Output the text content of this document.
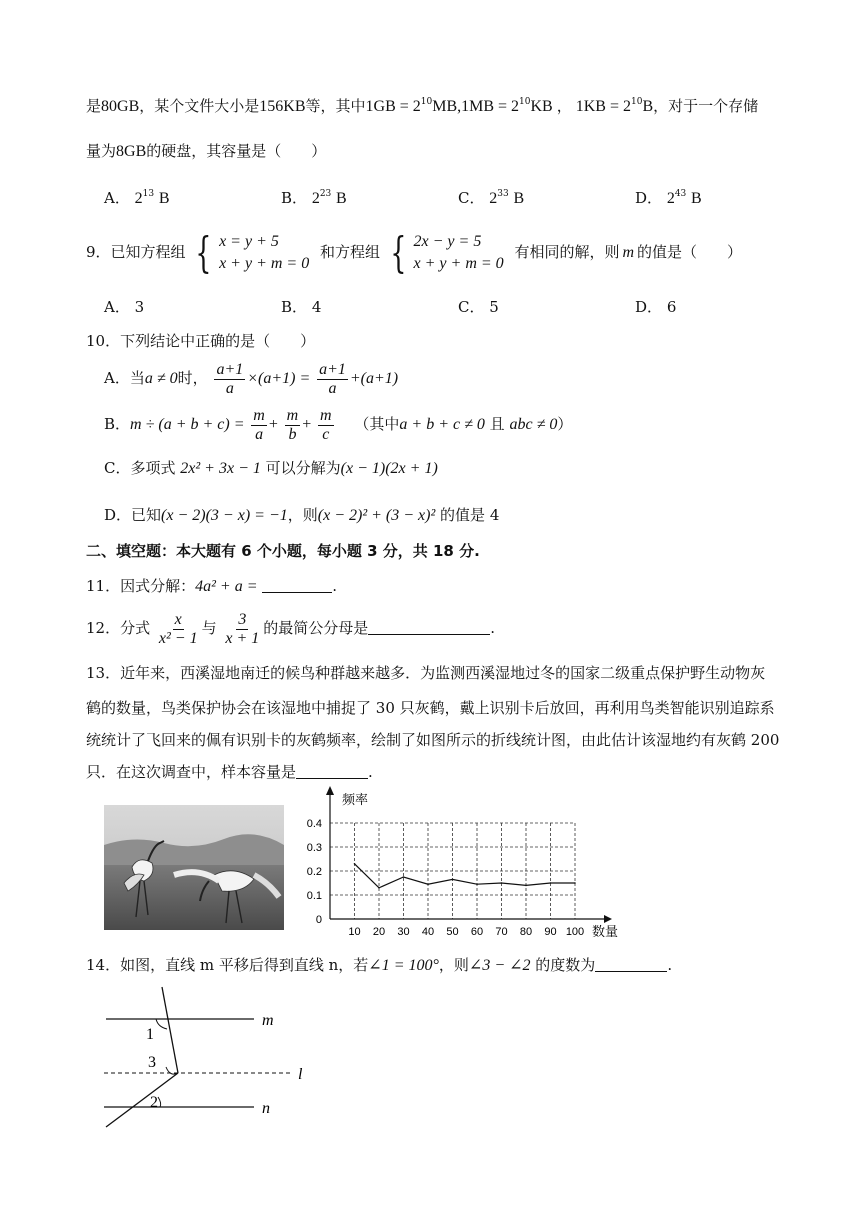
是80GB，某个文件大小是156KB等，其中$1GB = 2^{10}MB,1MB = 2^{10}KB$ ， $1KB = 2^{10}B$，对于一个存储
量为8GB的硬盘，其容量是（　　）
A． $2^{13}$ B	B． $2^{23}$ B	C． $2^{33}$ B	D． $2^{43}$ B
9．已知方程组 { x = y + 5
x + y + m = 0
和方程组 { 2x − y = 5
x + y + m = 0
有相同的解，则 m 的值是（　　）
A． 3	B． 4	C． 5	D． 6
10．下列结论中正确的是（　　）
A．当a ≠ 0时， $\frac{a+1}{a} \times(a+1) = \frac{a+1}{a} +(a+1)$
B．$m \div (a + b + c) = \frac{m}{a} + \frac{m}{b} + \frac{m}{c}$ （其中a + b + c ≠ 0 且 abc ≠ 0）
C．多项式 2x² + 3x − 1 可以分解为(x − 1)(2x + 1)
D．已知(x − 2)(3 − x) = −1，则(x − 2)² + (3 − x)² 的值是 4
二、填空题：本大题有 6 个小题，每小题 3 分，共 18 分.
11．因式分解：4a² + a =	.
12．分式 $\frac{x}{\text{x² − 1}}$ 与 $\frac{3}{x + 1}$ 的最简公分母是	.
13．近年来，西溪湿地南迁的候鸟种群越来越多．为监测西溪湿地过冬的国家二级重点保护野生动物灰
鹤的数量，鸟类保护协会在该湿地中捕捉了 30 只灰鹤，戴上识别卡后放回，再利用鸟类智能识别追踪系
统统计了飞回来的佩有识别卡的灰鹤频率，绘制了如图所示的折线统计图，由此估计该湿地约有灰鹤 200
只．在这次调查中，样本容量是	.
0
0.1
0.2
0.3
0.4
10 20 30 40 50 60 70 80 90 100
频率
数量
14．如图，直线 m 平移后得到直线 n，若∠1 = 100°，则∠3 − ∠2 的度数为	.
m
l
n
1
3
2
